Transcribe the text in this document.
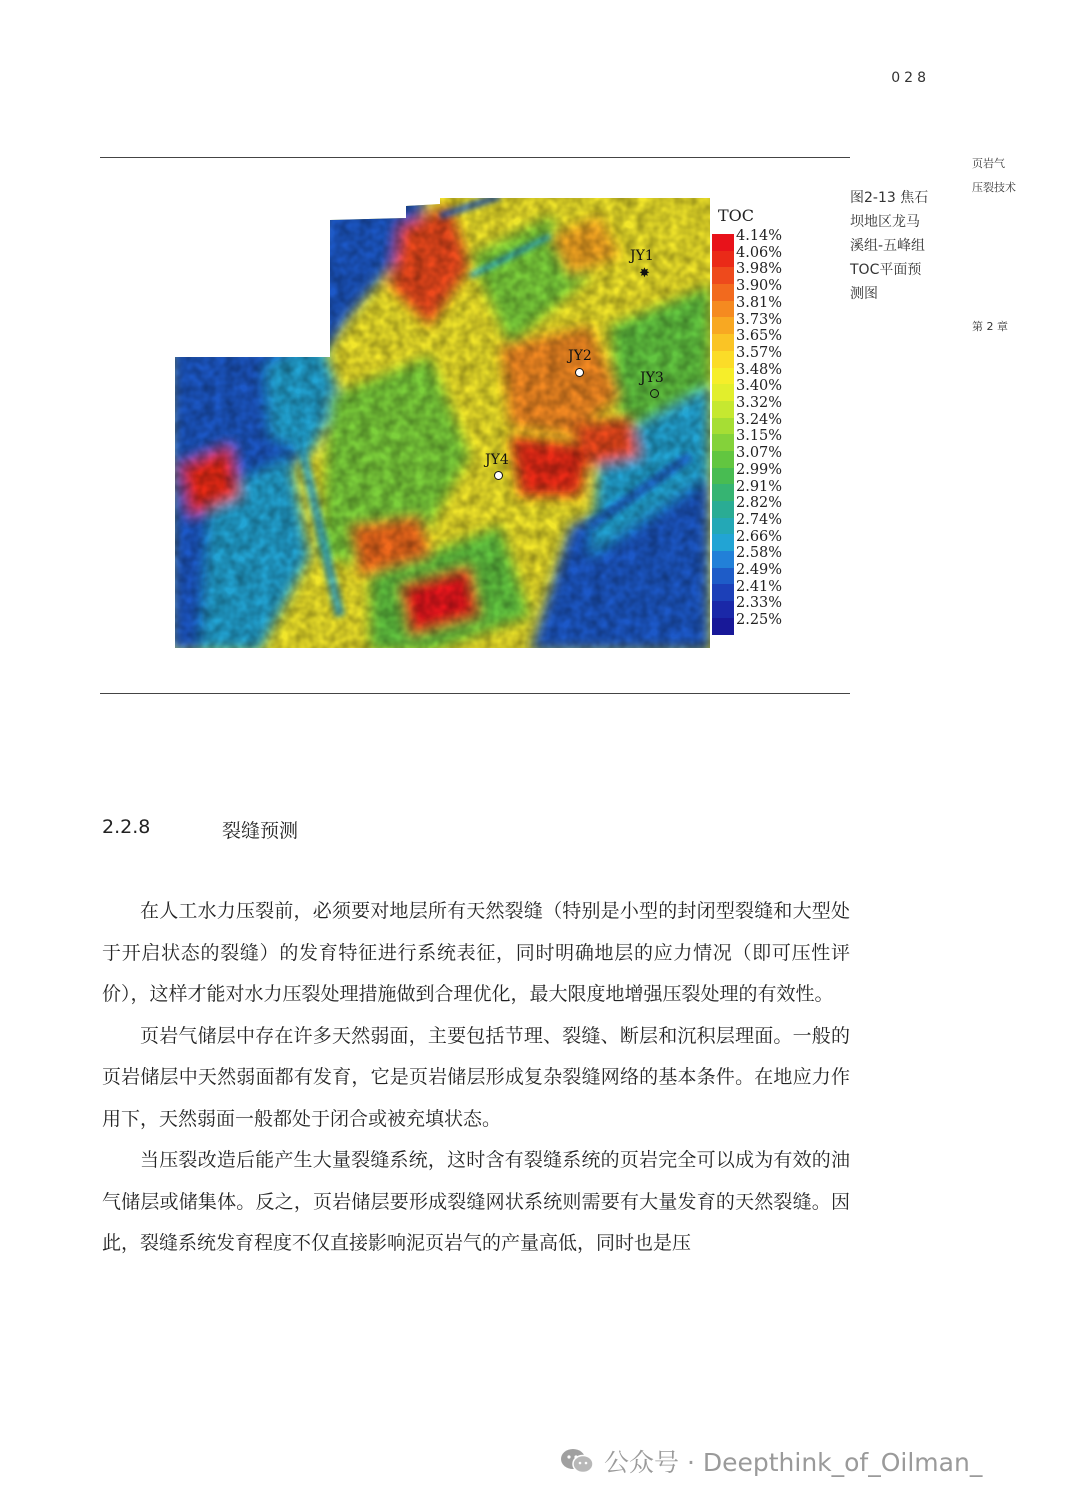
028
页岩气
压裂技术
第 2 章
图2-13 焦石
坝地区龙马
溪组-五峰组
TOC平面预
测图
JY1
✸
JY2
JY3
JY4
TOC
4.14%
4.06%
3.98%
3.90%
3.81%
3.73%
3.65%
3.57%
3.48%
3.40%
3.32%
3.24%
3.15%
3.07%
2.99%
2.91%
2.82%
2.74%
2.66%
2.58%
2.49%
2.41%
2.33%
2.25%
2.2.8	裂缝预测

在人工水力压裂前，必须要对地层所有天然裂缝（特别是小型的封闭型裂缝和大型处于开启状态的裂缝）的发育特征进行系统表征，同时明确地层的应力情况（即可压性评价），这样才能对水力压裂处理措施做到合理优化，最大限度地增强压裂处理的有效性。

页岩气储层中存在许多天然弱面，主要包括节理、裂缝、断层和沉积层理面。一般的页岩储层中天然弱面都有发育，它是页岩储层形成复杂裂缝网络的基本条件。在地应力作用下，天然弱面一般都处于闭合或被充填状态。

当压裂改造后能产生大量裂缝系统，这时含有裂缝系统的页岩完全可以成为有效的油气储层或储集体。反之，页岩储层要形成裂缝网状系统则需要有大量发育的天然裂缝。因此，裂缝系统发育程度不仅直接影响泥页岩气的产量高低，同时也是压

公众号 · Deepthink_of_Oilman_
